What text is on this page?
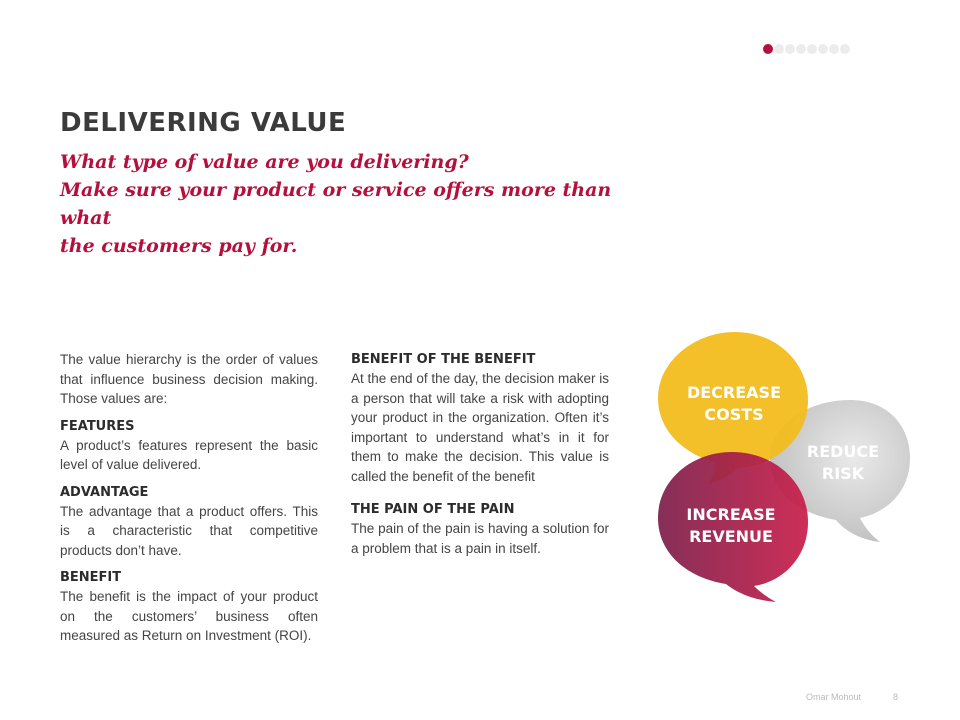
DELIVERING VALUE
What type of value are you delivering?
Make sure your product or service offers more than what
the customers pay for.

The value hierarchy is the order of values that influence business decision making. Those values are:

FEATURES

A product’s features represent the basic level of value delivered.

ADVANTAGE

The advantage that a product offers. This is a characteristic that competitive products don’t have.

BENEFIT

The benefit is the impact of your product on the customers’ business often measured as Return on Investment (ROI).

BENEFIT OF THE BENEFIT

At the end of the day, the decision maker is a person that will take a risk with adopting your product in the organization. Often it’s important to understand what’s in it for them to make the decision. This value is called the benefit of the benefit

THE PAIN OF THE PAIN

The pain of the pain is having a solution for a problem that is a pain in itself.

REDUCE
RISK
DECREASE
COSTS
INCREASE
REVENUE
Omar Mohout	8
